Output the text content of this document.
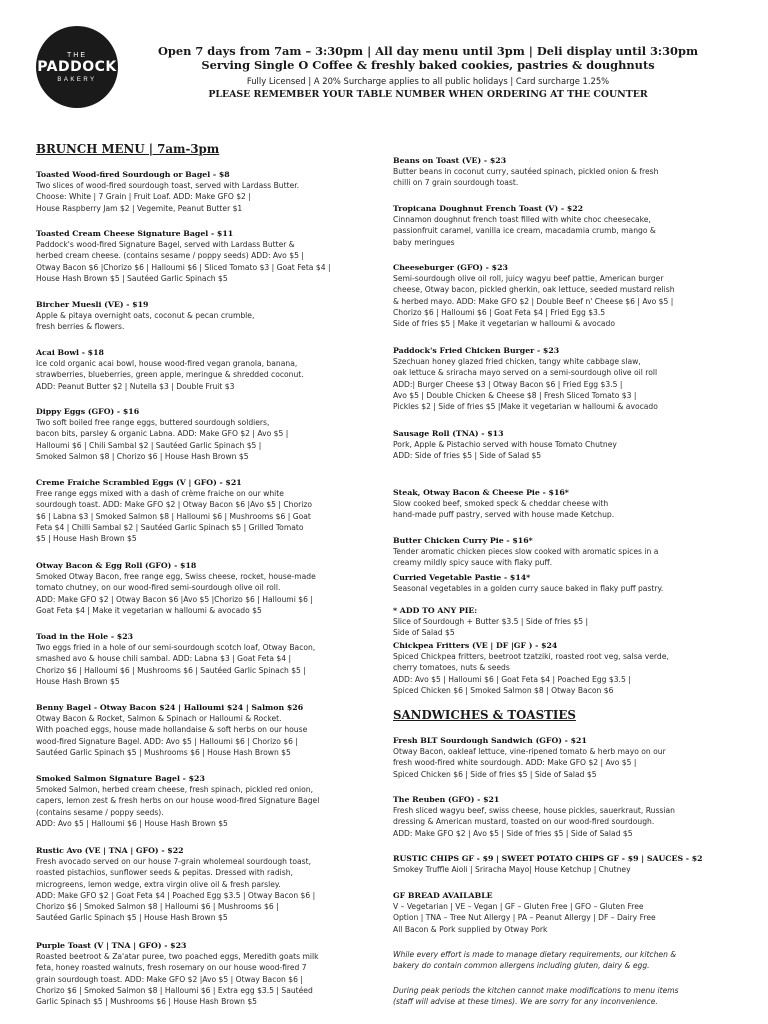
THE
PADDOCK
BAKERY
Open 7 days from 7am – 3:30pm | All day menu until 3pm | Deli display until 3:30pm
Serving Single O Coffee & freshly baked cookies, pastries & doughnuts
Fully Licensed | A 20% Surcharge applies to all public holidays | Card surcharge 1.25%
PLEASE REMEMBER YOUR TABLE NUMBER WHEN ORDERING AT THE COUNTER
BRUNCH MENU | 7am-3pm
SANDWICHES & TOASTIES
Toasted Wood-fired Sourdough or Bagel - $8
Two slices of wood-fired sourdough toast, served with Lardass Butter.
Choose: White | 7 Grain | Fruit Loaf. ADD: Make GFO $2 |
House Raspberry Jam $2 | Vegemite, Peanut Butter $1
Toasted Cream Cheese Signature Bagel - $11
Paddock's wood-fired Signature Bagel, served with Lardass Butter &
herbed cream cheese. (contains sesame / poppy seeds) ADD: Avo $5 |
Otway Bacon $6 |Chorizo $6 | Halloumi $6 | Sliced Tomato $3 | Goat Feta $4 |
House Hash Brown $5 | Sautéed Garlic Spinach $5
Bircher Muesli (VE) - $19
Apple & pitaya overnight oats, coconut & pecan crumble,
fresh berries & flowers.
Acai Bowl - $18
Ice cold organic acai bowl, house wood-fired vegan granola, banana,
strawberries, blueberries, green apple, meringue & shredded coconut.
ADD: Peanut Butter $2 | Nutella $3 | Double Fruit $3
Dippy Eggs (GFO) - $16
Two soft boiled free range eggs, buttered sourdough soldiers,
bacon bits, parsley & organic Labna. ADD: Make GFO $2 | Avo $5 |
Halloumi $6 | Chili Sambal $2 | Sautéed Garlic Spinach $5 |
Smoked Salmon $8 | Chorizo $6 | House Hash Brown $5
Creme Fraiche Scrambled Eggs (V | GFO) - $21
Free range eggs mixed with a dash of crème fraiche on our white
sourdough toast. ADD: Make GFO $2 | Otway Bacon $6 |Avo $5 | Chorizo
$6 | Labna $3 | Smoked Salmon $8 | Halloumi $6 | Mushrooms $6 | Goat
Feta $4 | Chilli Sambal $2 | Sautéed Garlic Spinach $5 | Grilled Tomato
$5 | House Hash Brown $5
Otway Bacon & Egg Roll (GFO) - $18
Smoked Otway Bacon, free range egg, Swiss cheese, rocket, house-made
tomato chutney, on our wood-fired semi-sourdough olive oil roll.
ADD: Make GFO $2 | Otway Bacon $6 |Avo $5 |Chorizo $6 | Halloumi $6 |
Goat Feta $4 | Make it vegetarian w halloumi & avocado $5
Toad in the Hole - $23
Two eggs fried in a hole of our semi-sourdough scotch loaf, Otway Bacon,
smashed avo & house chili sambal. ADD: Labna $3 | Goat Feta $4 |
Chorizo $6 | Halloumi $6 | Mushrooms $6 | Sautéed Garlic Spinach $5 |
House Hash Brown $5
Benny Bagel - Otway Bacon $24 | Halloumi $24 | Salmon $26
Otway Bacon & Rocket, Salmon & Spinach or Halloumi & Rocket.
With poached eggs, house made hollandaise & soft herbs on our house
wood-fired Signature Bagel. ADD: Avo $5 | Halloumi $6 | Chorizo $6 |
Sautéed Garlic Spinach $5 | Mushrooms $6 | House Hash Brown $5
Smoked Salmon Signature Bagel - $23
Smoked Salmon, herbed cream cheese, fresh spinach, pickled red onion,
capers, lemon zest & fresh herbs on our house wood-fired Signature Bagel
(contains sesame / poppy seeds).
ADD: Avo $5 | Halloumi $6 | House Hash Brown $5
Rustic Avo (VE | TNA | GFO) - $22
Fresh avocado served on our house 7-grain wholemeal sourdough toast,
roasted pistachios, sunflower seeds & pepitas. Dressed with radish,
microgreens, lemon wedge, extra virgin olive oil & fresh parsley.
ADD: Make GFO $2 | Goat Feta $4 | Poached Egg $3.5 | Otway Bacon $6 |
Chorizo $6 | Smoked Salmon $8 | Halloumi $6 | Mushrooms $6 |
Sautéed Garlic Spinach $5 | House Hash Brown $5
Purple Toast (V | TNA | GFO) - $23
Roasted beetroot & Za'atar puree, two poached eggs, Meredith goats milk
feta, honey roasted walnuts, fresh rosemary on our house wood-fired 7
grain sourdough toast. ADD: Make GFO $2 |Avo $5 | Otway Bacon $6 |
Chorizo $6 | Smoked Salmon $8 | Halloumi $6 | Extra egg $3.5 | Sautéed
Garlic Spinach $5 | Mushrooms $6 | House Hash Brown $5
Beans on Toast (VE) - $23
Butter beans in coconut curry, sautéed spinach, pickled onion & fresh
chilli on 7 grain sourdough toast.
Tropicana Doughnut French Toast (V) - $22
Cinnamon doughnut french toast filled with white choc cheesecake,
passionfruit caramel, vanilla ice cream, macadamia crumb, mango &
baby meringues
Cheeseburger (GFO) - $23
Semi-sourdough olive oil roll, juicy wagyu beef pattie, American burger
cheese, Otway bacon, pickled gherkin, oak lettuce, seeded mustard relish
& herbed mayo. ADD: Make GFO $2 | Double Beef n' Cheese $6 | Avo $5 |
Chorizo $6 | Halloumi $6 | Goat Feta $4 | Fried Egg $3.5
Side of fries $5 | Make it vegetarian w halloumi & avocado
Paddock's Fried Chicken Burger - $23
Szechuan honey glazed fried chicken, tangy white cabbage slaw,
oak lettuce & sriracha mayo served on a semi-sourdough olive oil roll
ADD:| Burger Cheese $3 | Otway Bacon $6 | Fried Egg $3.5 |
Avo $5 | Double Chicken & Cheese $8 | Fresh Sliced Tomato $3 |
Pickles $2 | Side of fries $5 |Make it vegetarian w halloumi & avocado
Sausage Roll (TNA) - $13
Pork, Apple & Pistachio served with house Tomato Chutney
ADD: Side of fries $5 | Side of Salad $5
Steak, Otway Bacon & Cheese Pie - $16*
Slow cooked beef, smoked speck & cheddar cheese with
hand-made puff pastry, served with house made Ketchup.
Butter Chicken Curry Pie - $16*
Tender aromatic chicken pieces slow cooked with aromatic spices in a
creamy mildly spicy sauce with flaky puff.
Curried Vegetable Pastie - $14*
Seasonal vegetables in a golden curry sauce baked in flaky puff pastry.
* ADD TO ANY PIE:
Slice of Sourdough + Butter $3.5 | Side of fries $5 |
Side of Salad $5
Chickpea Fritters (VE | DF |GF ) - $24
Spiced Chickpea fritters, beetroot tzatziki, roasted root veg, salsa verde,
cherry tomatoes, nuts & seeds
ADD: Avo $5 | Halloumi $6 | Goat Feta $4 | Poached Egg $3.5 |
Spiced Chicken $6 | Smoked Salmon $8 | Otway Bacon $6
Fresh BLT Sourdough Sandwich (GFO) - $21
Otway Bacon, oakleaf lettuce, vine-ripened tomato & herb mayo on our
fresh wood-fired white sourdough. ADD: Make GFO $2 | Avo $5 |
Spiced Chicken $6 | Side of fries $5 | Side of Salad $5
The Reuben (GFO) - $21
Fresh sliced wagyu beef, swiss cheese, house pickles, sauerkraut, Russian
dressing & American mustard, toasted on our wood-fired sourdough.
ADD: Make GFO $2 | Avo $5 | Side of fries $5 | Side of Salad $5
RUSTIC CHIPS GF - $9 | SWEET POTATO CHIPS GF - $9 | SAUCES - $2
Smokey Truffle Aioli | Sriracha Mayo| House Ketchup | Chutney
GF BREAD AVAILABLE
V – Vegetarian | VE – Vegan | GF – Gluten Free | GFO – Gluten Free
Option | TNA – Tree Nut Allergy | PA – Peanut Allergy | DF – Dairy Free
All Bacon & Pork supplied by Otway Pork
While every effort is made to manage dietary requirements, our kitchen &
bakery do contain common allergens including gluten, dairy & egg.
During peak periods the kitchen cannot make modifications to menu items
(staff will advise at these times). We are sorry for any inconvenience.
